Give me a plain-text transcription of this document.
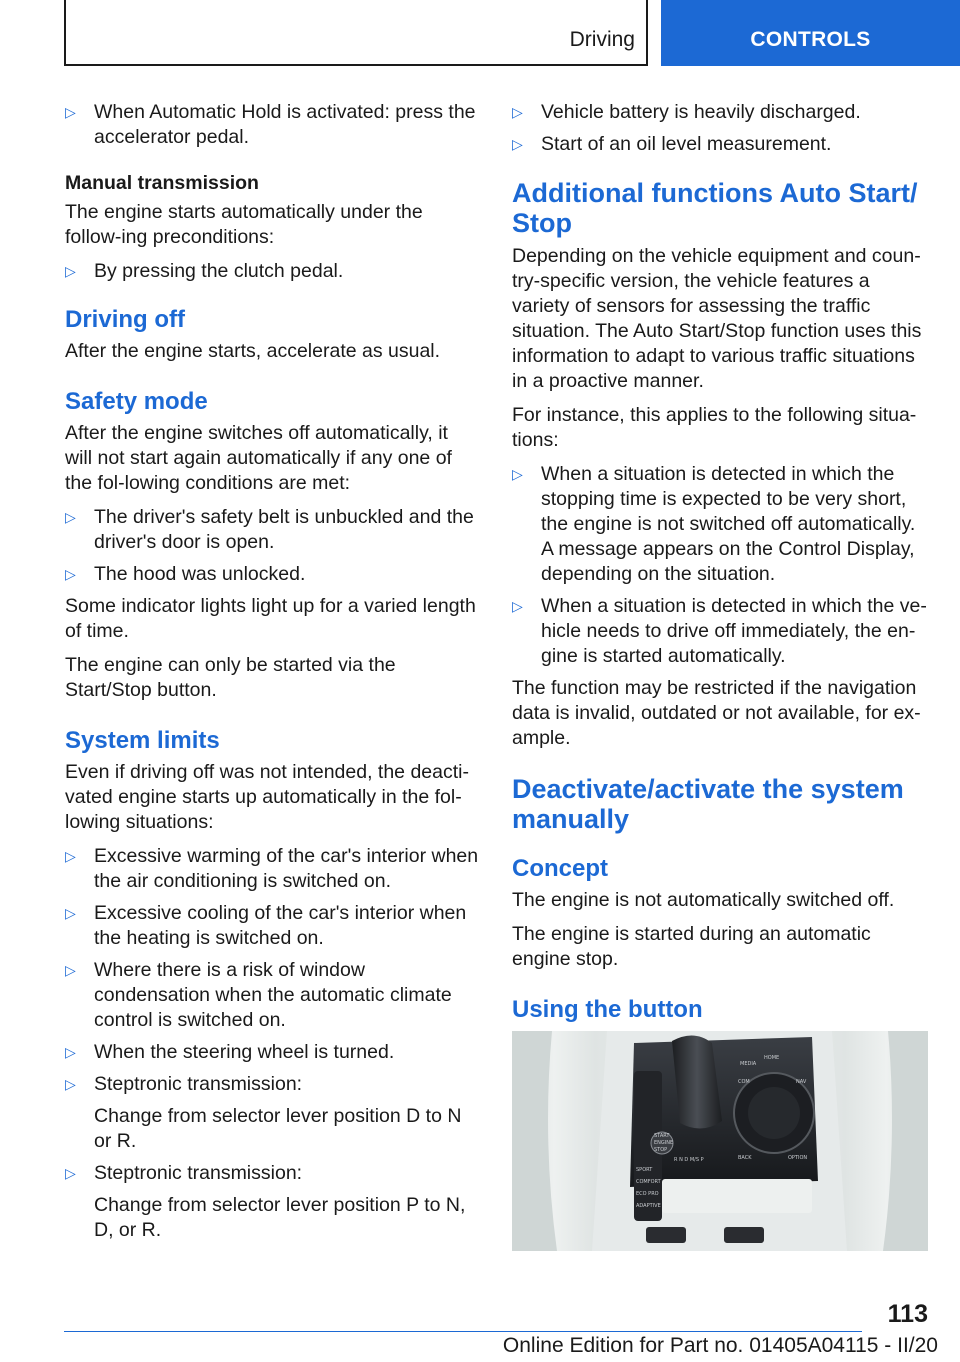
Driving	CONTROLS
▷ When Automatic Hold is activated: press the accelerator pedal.

Manual transmission

The engine starts automatically under the follow‐ing preconditions:

▷ By pressing the clutch pedal.
Driving off

After the engine starts, accelerate as usual.

Safety mode

After the engine switches off automatically, it will not start again automatically if any one of the fol‐lowing conditions are met:

▷ The driver's safety belt is unbuckled and the driver's door is open.
▷ The hood was unlocked.

Some indicator lights light up for a varied length of time.

The engine can only be started via the Start/Stop button.

System limits

Even if driving off was not intended, the deacti‐vated engine starts up automatically in the fol‐lowing situations:

▷ Excessive warming of the car's interior when the air conditioning is switched on.
▷ Excessive cooling of the car's interior when the heating is switched on.
▷ Where there is a risk of window condensation when the automatic climate control is switched on.
▷ When the steering wheel is turned.
▷ Steptronic transmission:
Change from selector lever position D to N or R.
▷ Steptronic transmission:
Change from selector lever position P to N, D, or R.
▷ Vehicle battery is heavily discharged.
▷ Start of an oil level measurement.
Additional functions Auto Start/ Stop

Depending on the vehicle equipment and coun‐try-specific version, the vehicle features a variety of sensors for assessing the traffic situation. The Auto Start/Stop function uses this information to adapt to various traffic situations in a proactive manner.

For instance, this applies to the following situa‐tions:

▷ When a situation is detected in which the stopping time is expected to be very short, the engine is not switched off automatically. A message appears on the Control Display, depending on the situation.
▷ When a situation is detected in which the ve‐hicle needs to drive off immediately, the en‐gine is started automatically.

The function may be restricted if the navigation data is invalid, outdated or not available, for ex‐ample.

Deactivate/activate the system manually
Concept

The engine is not automatically switched off.

The engine is started during an automatic engine stop.

Using the button
MEDIA
HOME
COM	NAV
START
ENGINE
STOP
SPORT
COMFORT
ECO PRO
ADAPTIVE
BACK	OPTION
R N D M/S P
113
Online Edition for Part no. 01405A04115 - II/20
